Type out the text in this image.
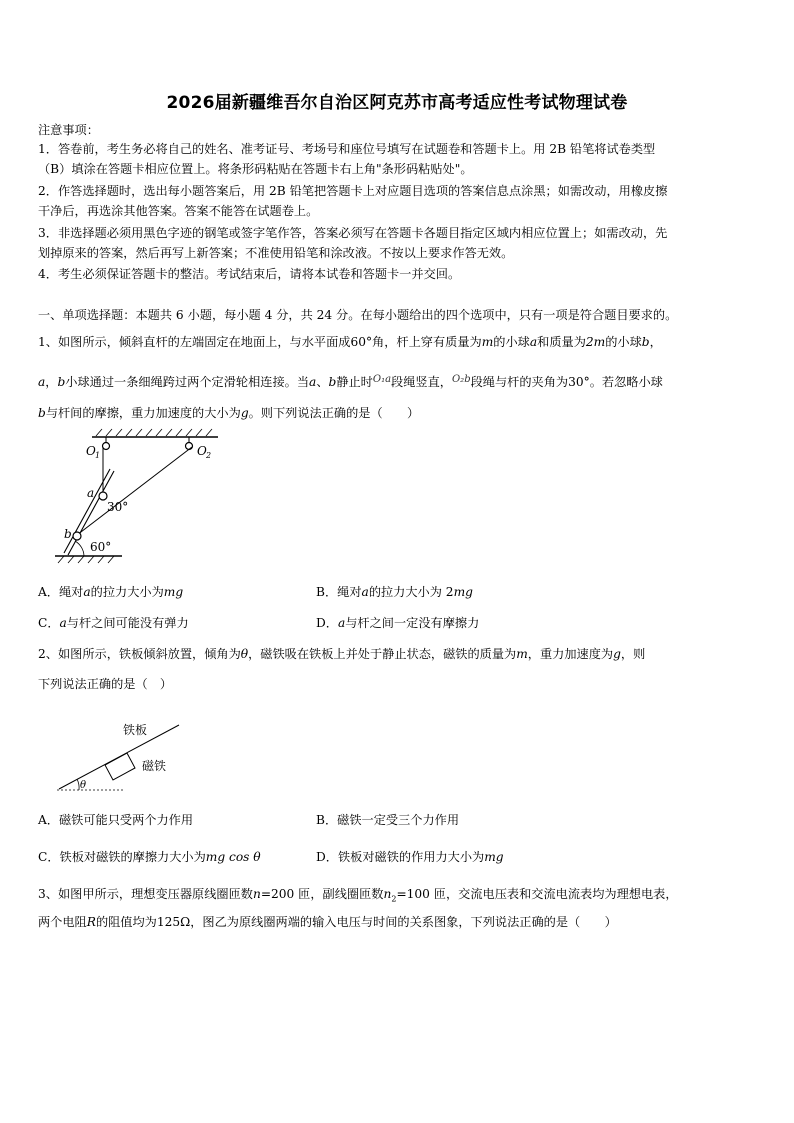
2026届新疆维吾尔自治区阿克苏市高考适应性考试物理试卷
注意事项：
1．答卷前，考生务必将自己的姓名、准考证号、考场号和座位号填写在试题卷和答题卡上。用 2B 铅笔将试卷类型
（B）填涂在答题卡相应位置上。将条形码粘贴在答题卡右上角"条形码粘贴处"。
2．作答选择题时，选出每小题答案后，用 2B 铅笔把答题卡上对应题目选项的答案信息点涂黑；如需改动，用橡皮擦
干净后，再选涂其他答案。答案不能答在试题卷上。
3．非选择题必须用黑色字迹的钢笔或签字笔作答，答案必须写在答题卡各题目指定区域内相应位置上；如需改动，先
划掉原来的答案，然后再写上新答案；不准使用铅笔和涂改液。不按以上要求作答无效。
4．考生必须保证答题卡的整洁。考试结束后，请将本试卷和答题卡一并交回。
一、单项选择题：本题共 6 小题，每小题 4 分，共 24 分。在每小题给出的四个选项中，只有一项是符合题目要求的。
1、如图所示，倾斜直杆的左端固定在地面上，与水平面成60°角，杆上穿有质量为m的小球a和质量为2m的小球b，
a，b小球通过一条细绳跨过两个定滑轮相连接。当a、b静止时$^{O_1a}$段绳竖直，$^{O_2b}$段绳与杆的夹角为30°。若忽略小球
b与杆间的摩擦，重力加速度的大小为g。则下列说法正确的是（　　）
O 1	O 2
a
b
30°
60°
A．绳对a的拉力大小为mg	B．绳对a的拉力大小为 2mg
C．a与杆之间可能没有弹力	D．a与杆之间一定没有摩擦力
2、如图所示，铁板倾斜放置，倾角为θ，磁铁吸在铁板上并处于静止状态，磁铁的质量为m，重力加速度为g，则
下列说法正确的是（　）
铁板
磁铁
θ
A．磁铁可能只受两个力作用	B．磁铁一定受三个力作用
C．铁板对磁铁的摩擦力大小为mg cos θ	D．铁板对磁铁的作用力大小为mg
3、如图甲所示，理想变压器原线圈匝数n=200 匝，副线圈匝数$n_2=100$ 匝，交流电压表和交流电流表均为理想电表，
两个电阻R的阻值均为125Ω，图乙为原线圈两端的输入电压与时间的关系图象，下列说法正确的是（　　）
